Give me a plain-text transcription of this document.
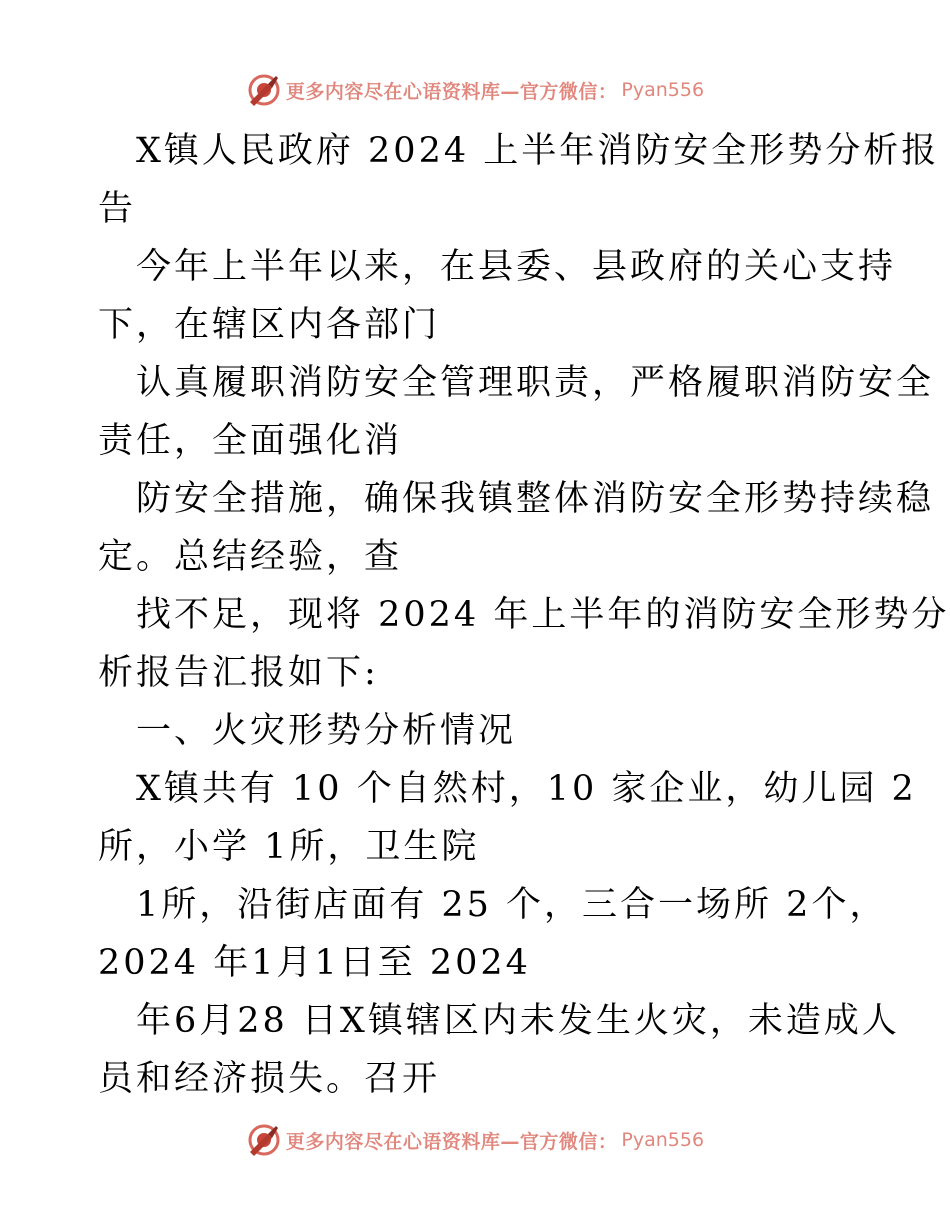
更多内容尽在心语资料库—官方微信： Pyan556
X镇人民政府 2024 上半年消防安全形势分析报
告
今年上半年以来，在县委、县政府的关心支持
下，在辖区内各部门
认真履职消防安全管理职责，严格履职消防安全
责任，全面强化消
防安全措施，确保我镇整体消防安全形势持续稳
定。总结经验，查
找不足，现将 2024 年上半年的消防安全形势分
析报告汇报如下:
一、火灾形势分析情况
X镇共有 10 个自然村，10 家企业，幼儿园 2
所，小学 1所，卫生院
1所，沿街店面有 25 个，三合一场所 2个，
2024 年1月1日至 2024
年6月28 日X镇辖区内未发生火灾，未造成人
员和经济损失。召开
更多内容尽在心语资料库—官方微信： Pyan556
